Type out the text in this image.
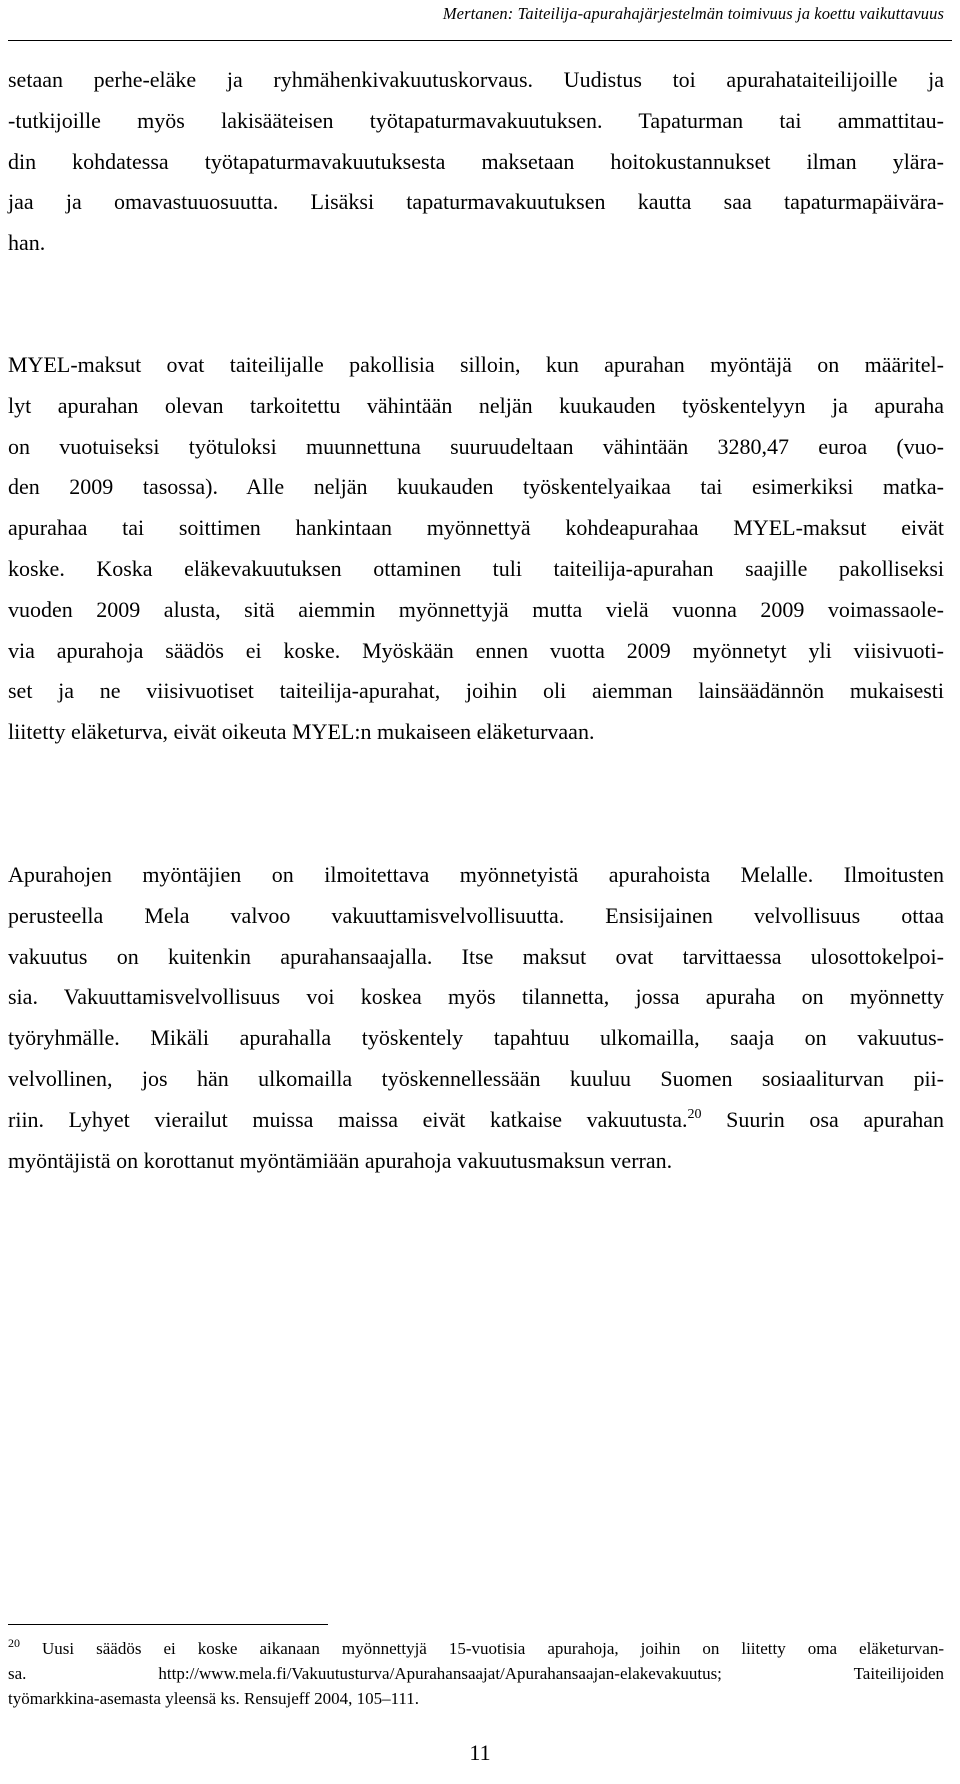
Mertanen: Taiteilija-apurahajärjestelmän toimivuus ja koettu vaikuttavuus
setaan perhe-eläke ja ryhmähenkivakuutuskorvaus. Uudistus toi apurahataiteilijoille ja
-tutkijoille myös lakisääteisen työtapaturmavakuutuksen. Tapaturman tai ammattitau-
din kohdatessa työtapaturmavakuutuksesta maksetaan hoitokustannukset ilman ylära-
jaa ja omavastuuosuutta. Lisäksi tapaturmavakuutuksen kautta saa tapaturmapäivära-
han.
MYEL-maksut ovat taiteilijalle pakollisia silloin, kun apurahan myöntäjä on määritel-
lyt apurahan olevan tarkoitettu vähintään neljän kuukauden työskentelyyn ja apuraha
on vuotuiseksi työtuloksi muunnettuna suuruudeltaan vähintään 3280,47 euroa (vuo-
den 2009 tasossa). Alle neljän kuukauden työskentelyaikaa tai esimerkiksi matka-
apurahaa tai soittimen hankintaan myönnettyä kohdeapurahaa MYEL-maksut eivät
koske. Koska eläkevakuutuksen ottaminen tuli taiteilija-apurahan saajille pakolliseksi
vuoden 2009 alusta, sitä aiemmin myönnettyjä mutta vielä vuonna 2009 voimassaole-
via apurahoja säädös ei koske. Myöskään ennen vuotta 2009 myönnetyt yli viisivuoti-
set ja ne viisivuotiset taiteilija-apurahat, joihin oli aiemman lainsäädännön mukaisesti
liitetty eläketurva, eivät oikeuta MYEL:n mukaiseen eläketurvaan.
Apurahojen myöntäjien on ilmoitettava myönnetyistä apurahoista Melalle. Ilmoitusten
perusteella Mela valvoo vakuuttamisvelvollisuutta. Ensisijainen velvollisuus ottaa
vakuutus on kuitenkin apurahansaajalla. Itse maksut ovat tarvittaessa ulosottokelpoi-
sia. Vakuuttamisvelvollisuus voi koskea myös tilannetta, jossa apuraha on myönnetty
työryhmälle. Mikäli apurahalla työskentely tapahtuu ulkomailla, saaja on vakuutus-
velvollinen, jos hän ulkomailla työskennellessään kuuluu Suomen sosiaaliturvan pii-
riin. Lyhyet vierailut muissa maissa eivät katkaise vakuutusta.$^{20}$ Suurin osa apurahan
myöntäjistä on korottanut myöntämiään apurahoja vakuutusmaksun verran.
$^{20}$ Uusi säädös ei koske aikanaan myönnettyjä 15-vuotisia apurahoja, joihin on liitetty oma eläketurvan-
sa.	http://www.mela.fi/Vakuutusturva/Apurahansaajat/Apurahansaajan-elakevakuutus;	Taiteilijoiden
työmarkkina-asemasta yleensä ks. Rensujeff 2004, 105–111.
11
